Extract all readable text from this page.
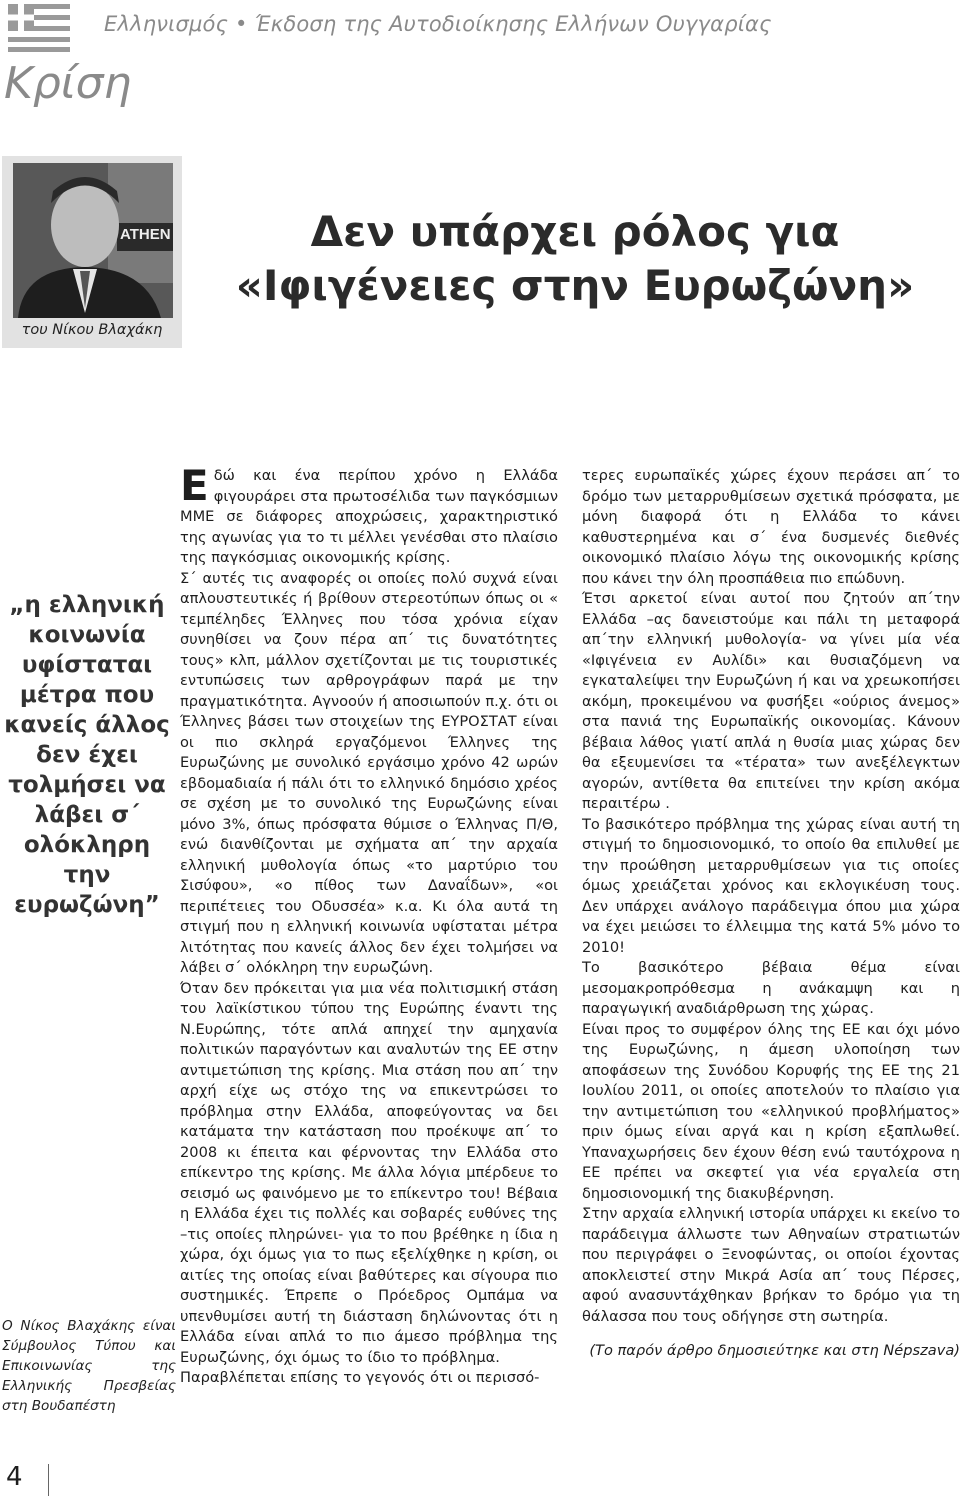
Ελληνισμός • Έκδοση της Αυτοδιοίκησης Ελλήνων Ουγγαρίας
Κρίση
του Νίκου Βλαχάκη
ATHEN	Δεν υπάρχει ρόλος για
«Ιφιγένειες στην Ευρωζώνη»
„η ελληνική κοινωνία υφίσταται μέτρα που κανείς άλλος δεν έχει τολμήσει να λάβει σ΄ ολόκληρη την ευρωζώνη”
Ο Νίκος Βλαχάκης είναι Σύμβουλος Τύπου και Επικοινωνίας της Ελληνικής Πρεσβείας στη Βουδαπέστη
Ε δώ και ένα περίπου χρόνο η Ελλάδα φιγουράρει στα πρωτοσέλιδα των παγκόσμιων ΜΜΕ σε διάφορες αποχρώσεις, χαρακτηριστικό της αγωνίας για το τι μέλλει γενέσθαι στο πλαίσιο της παγκόσμιας οικονομικής κρίσης.

Σ΄ αυτές τις αναφορές οι οποίες πολύ συχνά είναι απλουστευτικές ή βρίθουν στερεοτύπων όπως οι « τεμπέληδες Έλληνες που τόσα χρόνια είχαν συνηθίσει να ζουν πέρα απ΄ τις δυνατότητες τους» κλπ, μάλλον σχετίζονται με τις τουριστικές εντυπώσεις των αρθρογράφων παρά με την πραγματικότητα. Αγνοούν ή αποσιωπούν π.χ. ότι οι Έλληνες βάσει των στοιχείων της ΕΥΡΟΣΤΑΤ είναι οι πιο σκληρά εργαζόμενοι Έλληνες της Ευρωζώνης με συνολικό εργάσιμο χρόνο 42 ωρών εβδομαδιαία ή πάλι ότι το ελληνικό δημόσιο χρέος σε σχέση με το συνολικό της Ευρωζώνης είναι μόνο 3%, όπως πρόσφατα θύμισε ο Έλληνας Π/Θ, ενώ διανθίζονται με σχήματα απ΄ την αρχαία ελληνική μυθολογία όπως «το μαρτύριο του Σισύφου», «ο πίθος των Δαναΐδων», «οι περιπέτειες του Οδυσσέα» κ.α. Κι όλα αυτά τη στιγμή που η ελληνική κοινωνία υφίσταται μέτρα λιτότητας που κανείς άλλος δεν έχει τολμήσει να λάβει σ΄ ολόκληρη την ευρωζώνη.

Όταν δεν πρόκειται για μια νέα πολιτισμική στάση του λαϊκίστικου τύπου της Ευρώπης έναντι της Ν.Ευρώπης, τότε απλά απηχεί την αμηχανία πολιτικών παραγόντων και αναλυτών της ΕΕ στην αντιμετώπιση της κρίσης. Μια στάση που απ΄ την αρχή είχε ως στόχο της να επικεντρώσει το πρόβλημα στην Ελλάδα, αποφεύγοντας να δει κατάματα την κατάσταση που προέκυψε απ΄ το 2008 κι έπειτα και φέρνοντας την Ελλάδα στο επίκεντρο της κρίσης. Με άλλα λόγια μπέρδευε το σεισμό ως φαινόμενο με το επίκεντρο του! Βέβαια η Ελλάδα έχει τις πολλές και σοβαρές ευθύνες της –τις οποίες πληρώνει- για το που βρέθηκε η ίδια η χώρα, όχι όμως για το πως εξελίχθηκε η κρίση, οι αιτίες της οποίας είναι βαθύτερες και σίγουρα πιο συστημικές. Έπρεπε ο Πρόεδρος Ομπάμα να υπενθυμίσει αυτή τη διάσταση δηλώνοντας ότι η Ελλάδα είναι απλά το πιο άμεσο πρόβλημα της Ευρωζώνης, όχι όμως το ίδιο το πρόβλημα.

Παραβλέπεται επίσης το γεγονός ότι οι περισσό-

τερες ευρωπαϊκές χώρες έχουν περάσει απ΄ το δρόμο των μεταρρυθμίσεων σχετικά πρόσφατα, με μόνη διαφορά ότι η Ελλάδα το κάνει καθυστερημένα και σ΄ ένα δυσμενές διεθνές οικονομικό πλαίσιο λόγω της οικονομικής κρίσης που κάνει την όλη προσπάθεια πιο επώδυνη.

Έτσι αρκετοί είναι αυτοί που ζητούν απ΄την Ελλάδα –ας δανειστούμε και πάλι τη μεταφορά απ΄την ελληνική μυθολογία- να γίνει μία νέα «Ιφιγένεια εν Αυλίδι» και θυσιαζόμενη να εγκαταλείψει την Ευρωζώνη ή και να χρεωκοπήσει ακόμη, προκειμένου να φυσήξει «ούριος άνεμος» στα πανιά της Ευρωπαϊκής οικονομίας. Κάνουν βέβαια λάθος γιατί απλά η θυσία μιας χώρας δεν θα εξευμενίσει τα «τέρατα» των ανεξέλεγκτων αγορών, αντίθετα θα επιτείνει την κρίση ακόμα περαιτέρω .

Το βασικότερο πρόβλημα της χώρας είναι αυτή τη στιγμή το δημοσιονομικό, το οποίο θα επιλυθεί με την προώθηση μεταρρυθμίσεων για τις οποίες όμως χρειάζεται χρόνος και εκλογικέυση τους. Δεν υπάρχει ανάλογο παράδειγμα όπου μια χώρα να έχει μειώσει το έλλειμμα της κατά 5% μόνο το 2010!

Το βασικότερο βέβαια θέμα είναι μεσομακροπρόθεσμα η ανάκαμψη και η παραγωγική αναδιάρθρωση της χώρας.

Είναι προς το συμφέρον όλης της ΕΕ και όχι μόνο της Ευρωζώνης, η άμεση υλοποίηση των αποφάσεων της Συνόδου Κορυφής της ΕΕ της 21 Ιουλίου 2011, οι οποίες αποτελούν το πλαίσιο για την αντιμετώπιση του «ελληνικού προβλήματος» πριν όμως είναι αργά και η κρίση εξαπλωθεί. Υπαναχωρήσεις δεν έχουν θέση ενώ ταυτόχρονα η ΕΕ πρέπει να σκεφτεί για νέα εργαλεία στη δημοσιονομική της διακυβέρνηση.

Στην αρχαία ελληνική ιστορία υπάρχει κι εκείνο το παράδειγμα άλλωστε των Αθηναίων στρατιωτών που περιγράφει ο Ξενοφώντας, οι οποίοι έχοντας αποκλειστεί στην Μικρά Ασία απ΄ τους Πέρσες, αφού ανασυντάχθηκαν βρήκαν το δρόμο για τη θάλασσα που τους οδήγησε στη σωτηρία.

(Το παρόν άρθρο δημοσιεύτηκε και στη Népszava)

4
